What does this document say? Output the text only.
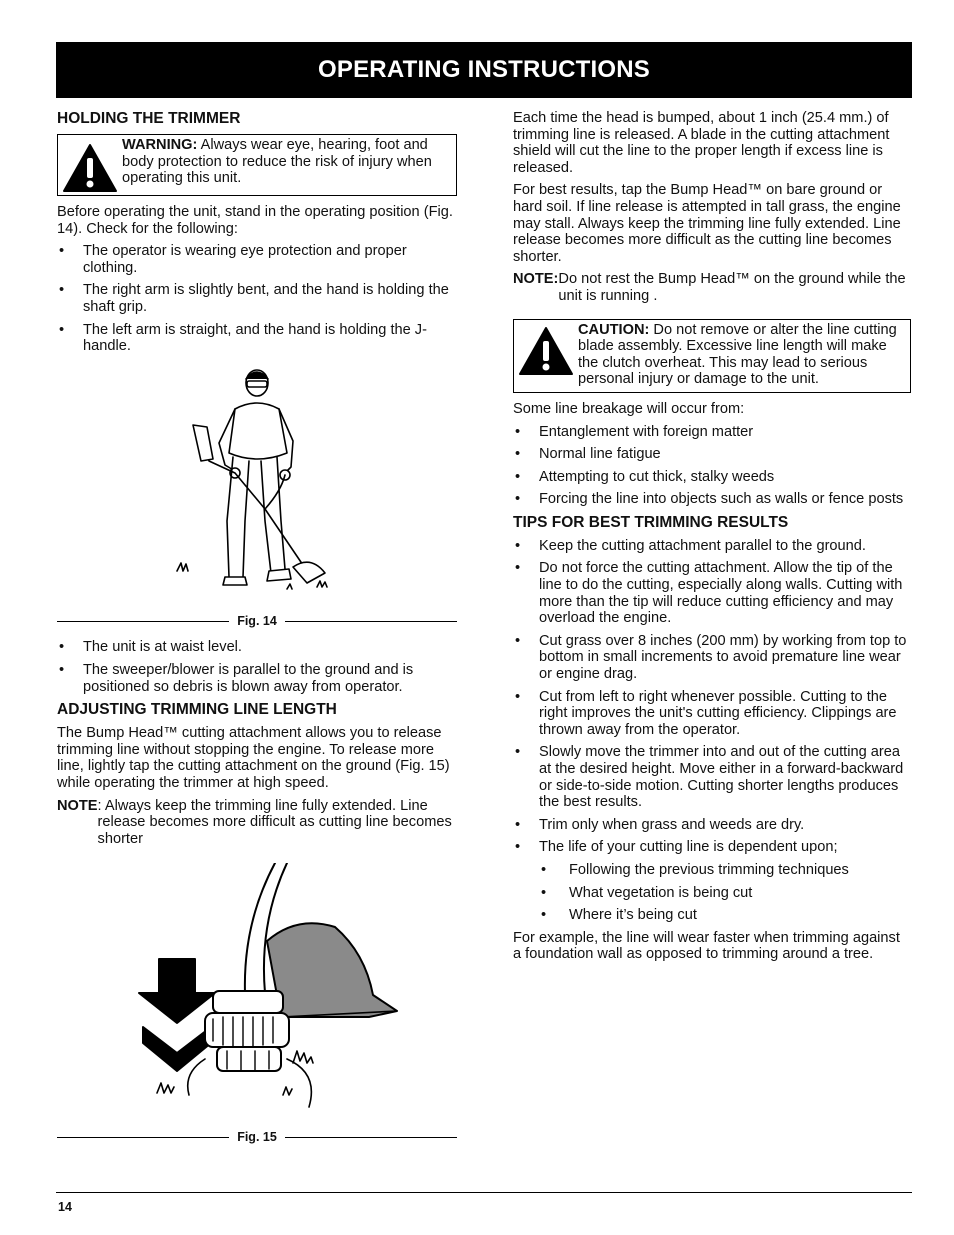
OPERATING INSTRUCTIONS
HOLDING THE TRIMMER
WARNING: Always wear eye, hearing, foot and body protection to reduce the risk of injury when operating this unit.

Before operating the unit, stand in the operating position (Fig. 14). Check for the following:

• The operator is wearing eye protection and proper clothing.
• The right arm is slightly bent, and the hand is holding the shaft grip.
• The left arm is straight, and the hand is holding the J-handle.
Fig. 14
• The unit is at waist level.
• The sweeper/blower is parallel to the ground and is positioned so debris is blown away from operator.
ADJUSTING TRIMMING LINE LENGTH

The Bump Head™ cutting attachment allows you to release trimming line without stopping the engine. To release more line, lightly tap the cutting attachment on the ground (Fig. 15) while operating the trimmer at high speed.

NOTE : Always keep the trimming line fully extended. Line release becomes more difficult as cutting line becomes shorter
Fig. 15

Each time the head is bumped, about 1 inch (25.4 mm.) of trimming line is released. A blade in the cutting attachment shield will cut the line to the proper length if excess line is released.

For best results, tap the Bump Head™ on bare ground or hard soil. If line release is attempted in tall grass, the engine may stall. Always keep the trimming line fully extended. Line release becomes more difficult as the cutting line becomes shorter.

NOTE: Do not rest the Bump Head™ on the ground while the unit is running .
CAUTION: Do not remove or alter the line cutting blade assembly. Excessive line length will make the clutch overheat. This may lead to serious personal injury or damage to the unit.

Some line breakage will occur from:

• Entanglement with foreign matter
• Normal line fatigue
• Attempting to cut thick, stalky weeds
• Forcing the line into objects such as walls or fence posts
TIPS FOR BEST TRIMMING RESULTS
• Keep the cutting attachment parallel to the ground.
• Do not force the cutting attachment. Allow the tip of the line to do the cutting, especially along walls. Cutting with more than the tip will reduce cutting efficiency and may overload the engine.
• Cut grass over 8 inches (200 mm) by working from top to bottom in small increments to avoid premature line wear or engine drag.
• Cut from left to right whenever possible. Cutting to the right improves the unit's cutting efficiency. Clippings are thrown away from the operator.
• Slowly move the trimmer into and out of the cutting area at the desired height. Move either in a forward-backward or side-to-side motion. Cutting shorter lengths produces the best results.
• Trim only when grass and weeds are dry.
• The life of your cutting line is dependent upon;
• Following the previous trimming techniques
• What vegetation is being cut
• Where it’s being cut

For example, the line will wear faster when trimming against a foundation wall as opposed to trimming around a tree.

14
